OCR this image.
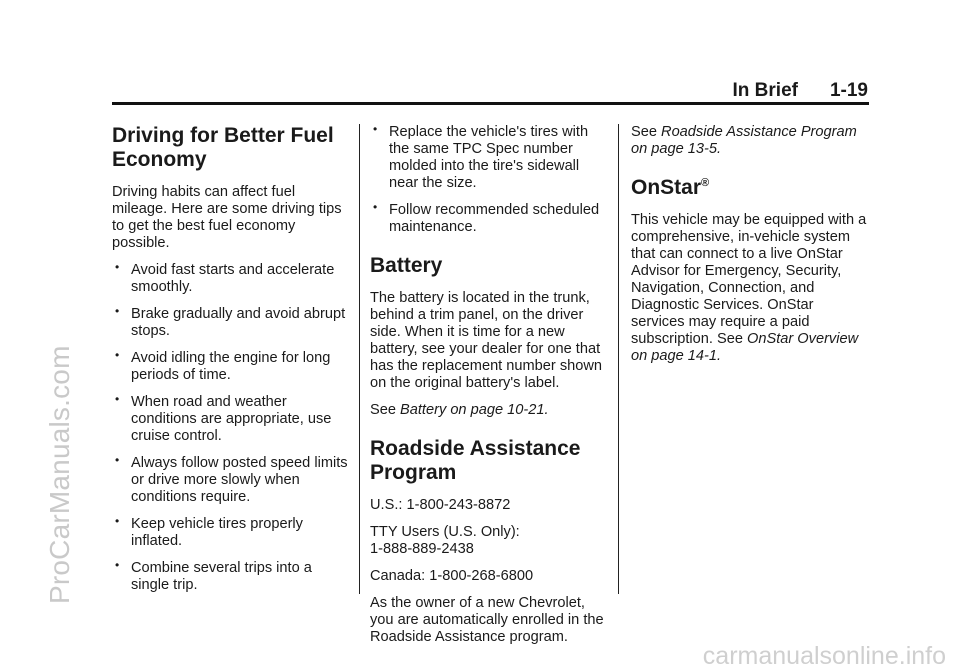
ProCarManuals.com
carmanualsonline.info
In Brief 1-19
Driving for Better Fuel Economy

Driving habits can affect fuel mileage. Here are some driving tips to get the best fuel economy possible.

• Avoid fast starts and accelerate smoothly.
• Brake gradually and avoid abrupt stops.
• Avoid idling the engine for long periods of time.
• When road and weather conditions are appropriate, use cruise control.
• Always follow posted speed limits or drive more slowly when conditions require.
• Keep vehicle tires properly inflated.
• Combine several trips into a single trip.
• Replace the vehicle's tires with the same TPC Spec number molded into the tire's sidewall near the size.
• Follow recommended scheduled maintenance.
Battery

The battery is located in the trunk, behind a trim panel, on the driver side. When it is time for a new battery, see your dealer for one that has the replacement number shown on the original battery's label.

See Battery on page 10-21.

Roadside Assistance Program

U.S.: 1-800-243-8872

TTY Users (U.S. Only):
1-888-889-2438

Canada: 1-800-268-6800

As the owner of a new Chevrolet, you are automatically enrolled in the Roadside Assistance program.

See Roadside Assistance Program on page 13-5.

OnStar®

This vehicle may be equipped with a comprehensive, in-vehicle system that can connect to a live OnStar Advisor for Emergency, Security, Navigation, Connection, and Diagnostic Services. OnStar services may require a paid subscription. See OnStar Overview on page 14-1.
